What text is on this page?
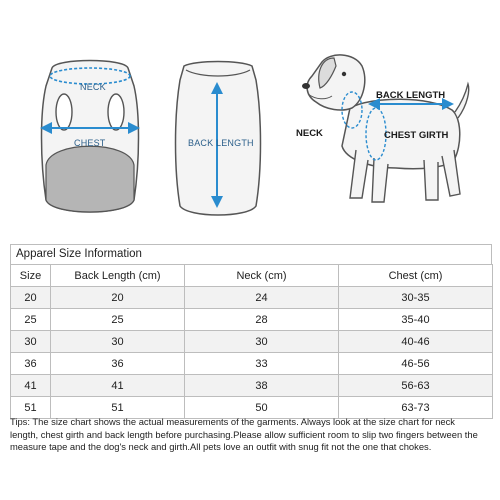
NECK
CHEST	BACK LENGTH
BACK LENGTH
NECK	CHEST GIRTH
Apparel Size Information
Size	Back Length (cm)	Neck (cm)	Chest (cm)
20	20	24	30-35
25	25	28	35-40
30	30	30	40-46
36	36	33	46-56
41	41	38	56-63
51	51	50	63-73
Tips: The size chart shows the actual measurements of the garments. Always look at the size chart for neck length, chest girth and back length before purchasing.Please allow sufficient room to slip two fingers between the measure tape and the dog's neck and girth.All pets love an outfit with snug fit not the one that chokes.
